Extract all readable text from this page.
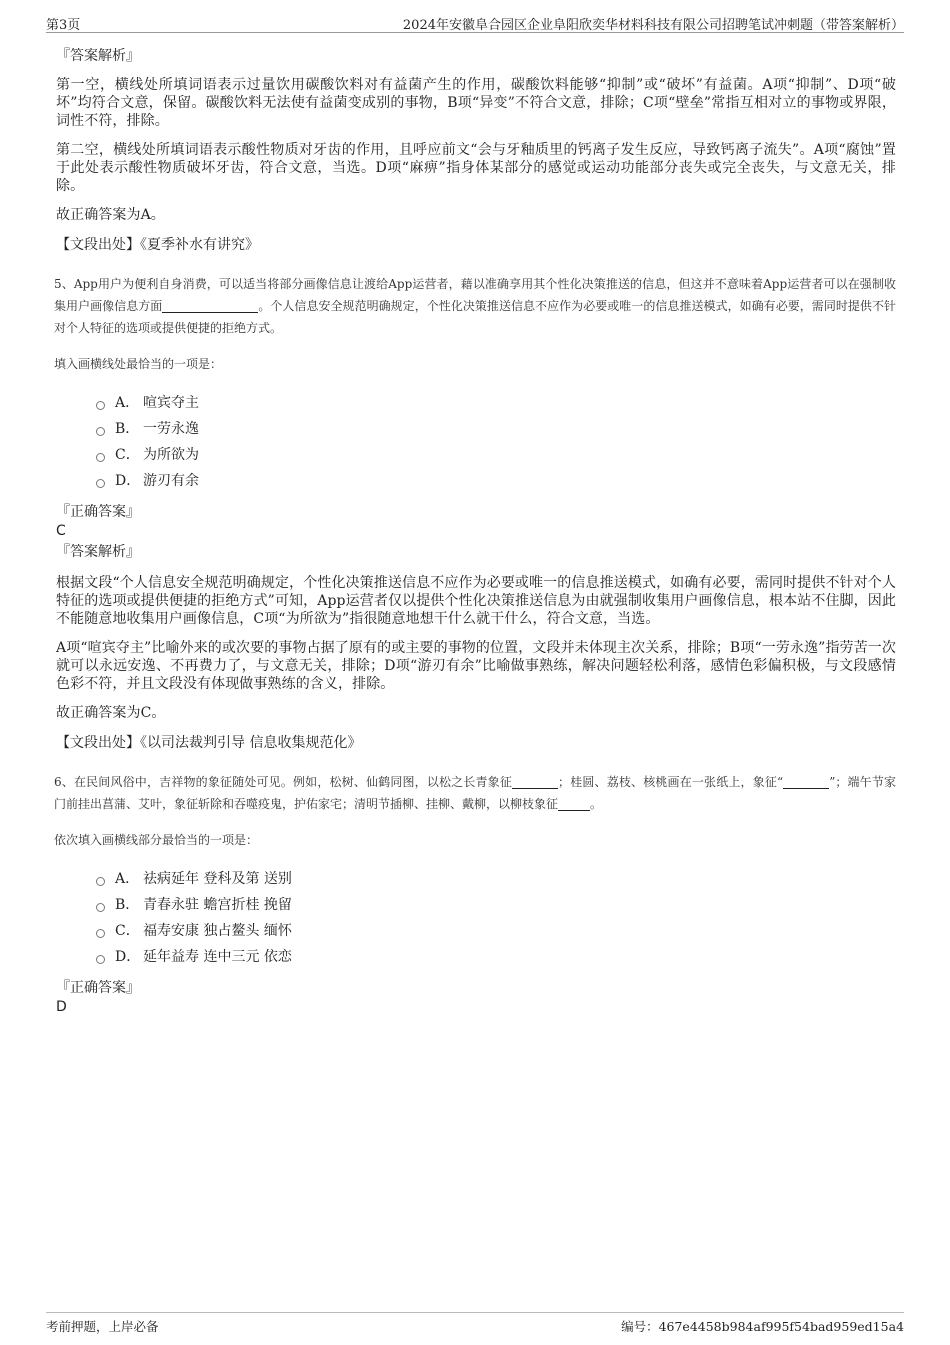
第3页	2024年安徽阜合园区企业阜阳欣奕华材料科技有限公司招聘笔试冲刺题（带答案解析）
『答案解析』

第一空，横线处所填词语表示过量饮用碳酸饮料对有益菌产生的作用，碳酸饮料能够“抑制”或“破坏”有益菌。A项“抑制”、D项“破坏”均符合文意，保留。碳酸饮料无法使有益菌变成别的事物，B项“异变”不符合文意，排除；C项“壁垒”常指互相对立的事物或界限，词性不符，排除。

第二空，横线处所填词语表示酸性物质对牙齿的作用，且呼应前文“会与牙釉质里的钙离子发生反应，导致钙离子流失”。A项“腐蚀”置于此处表示酸性物质破坏牙齿，符合文意，当选。D项“麻痹”指身体某部分的感觉或运动功能部分丧失或完全丧失，与文意无关，排除。

故正确答案为A。

【文段出处】《夏季补水有讲究》

5、App用户为便利自身消费，可以适当将部分画像信息让渡给App运营者，藉以准确享用其个性化决策推送的信息，但这并不意味着App运营者可以在强制收集用户画像信息方面	。个人信息安全规范明确规定，个性化决策推送信息不应作为必要或唯一的信息推送模式，如确有必要，需同时提供不针对个人特征的选项或提供便捷的拒绝方式。

填入画横线处最恰当的一项是：

A． 喧宾夺主
B． 一劳永逸
C． 为所欲为
D． 游刃有余
『正确答案』
C
『答案解析』

根据文段“个人信息安全规范明确规定，个性化决策推送信息不应作为必要或唯一的信息推送模式，如确有必要，需同时提供不针对个人特征的选项或提供便捷的拒绝方式”可知，App运营者仅以提供个性化决策推送信息为由就强制收集用户画像信息，根本站不住脚，因此不能随意地收集用户画像信息，C项“为所欲为”指很随意地想干什么就干什么，符合文意，当选。

A项“喧宾夺主”比喻外来的或次要的事物占据了原有的或主要的事物的位置，文段并未体现主次关系，排除；B项“一劳永逸”指劳苦一次就可以永远安逸、不再费力了，与文意无关，排除；D项“游刃有余”比喻做事熟练，解决问题轻松利落，感情色彩偏积极，与文段感情色彩不符，并且文段没有体现做事熟练的含义，排除。

故正确答案为C。

【文段出处】《以司法裁判引导 信息收集规范化》

6、在民间风俗中，吉祥物的象征随处可见。例如，松树、仙鹤同图，以松之长青象征	；桂圆、荔枝、核桃画在一张纸上，象征“	”；端午节家门前挂出菖蒲、艾叶，象征斩除和吞噬疫鬼，护佑家宅；清明节插柳、挂柳、戴柳，以柳枝象征	。

依次填入画横线部分最恰当的一项是：

A． 祛病延年 登科及第 送别
B． 青春永驻 蟾宫折桂 挽留
C． 福寿安康 独占鳌头 缅怀
D． 延年益寿 连中三元 依恋
『正确答案』
D
考前押题，上岸必备	编号：467e4458b984af995f54bad959ed15a4
